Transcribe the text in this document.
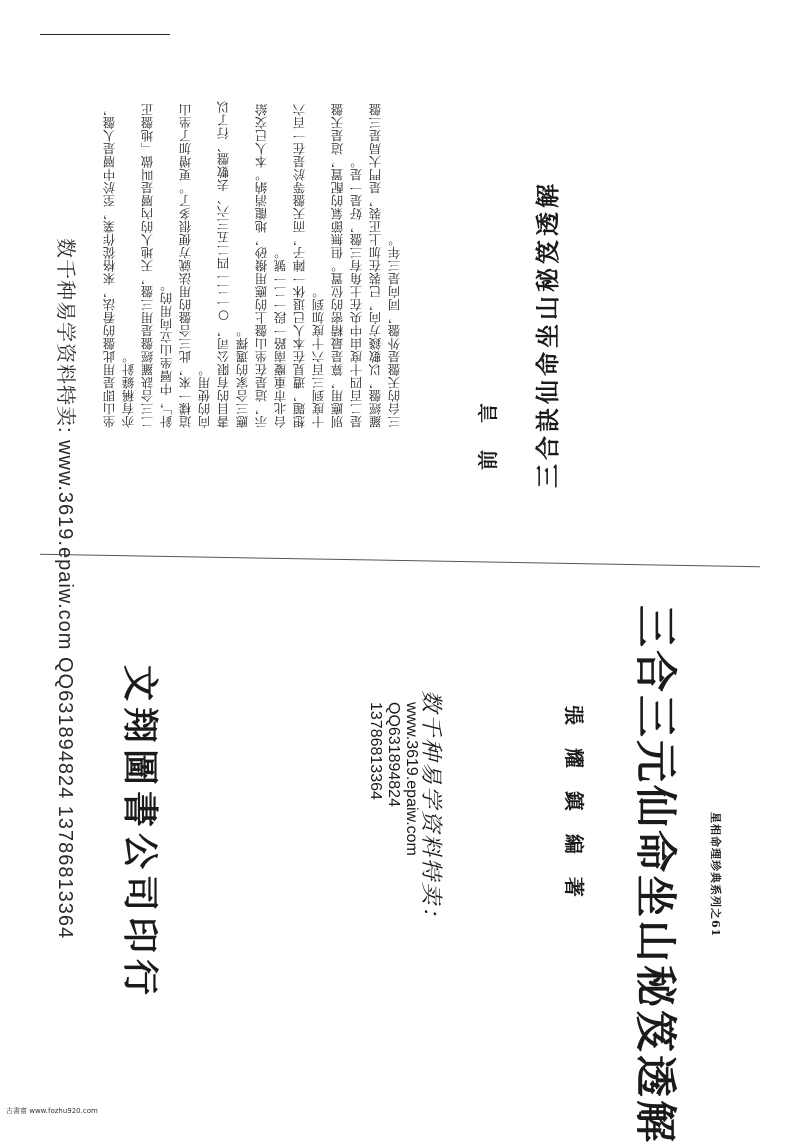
星相命理珍典系列之61
三合三元仙命坐山秘笈透解
張 耀 鎮 編 著
数千种易学资料特卖：
www.3619.epaiw.com
QQ631894824
13786813364
文翔圖書公司印行
数千种易学资料特卖: www.3619.epaiw.com QQ631894824 13786813364	三合訣仙命坐山秘笈透解
前 言

坐山即是用此盤的看法，來格從作業，至於中層是人盤，亦有稱縫針。 二三合訣羅經盤是用三盤，天地人的內層是叫做「地盤正針」，中層坐山立向用的。 這樣一來，此三合盤的用法就方便很多了。更增加了坐山向的使用。 書目的有限公司，○一二一四二五三六、去數盤、行了以應三合家的選擇。 示，這是在坐山盤上的應用撥砂，地龍消納。本人已交給台北市重慶南路一段一二一號。 想題，遭見在本人已退休一陣子，而天盤等於是在一百六十度到三百六十度加到。 別應用，算是最精密的位置。但無節氣的配置，這是天盤是二百四十度由中央在土角有三盤，好是一是。 羅經盤，以數錢方向，已裝在加上正裝，是門大局是三盤三台的天盤是外盤，同向是三年。

古書齋 www.fozhu920.com
